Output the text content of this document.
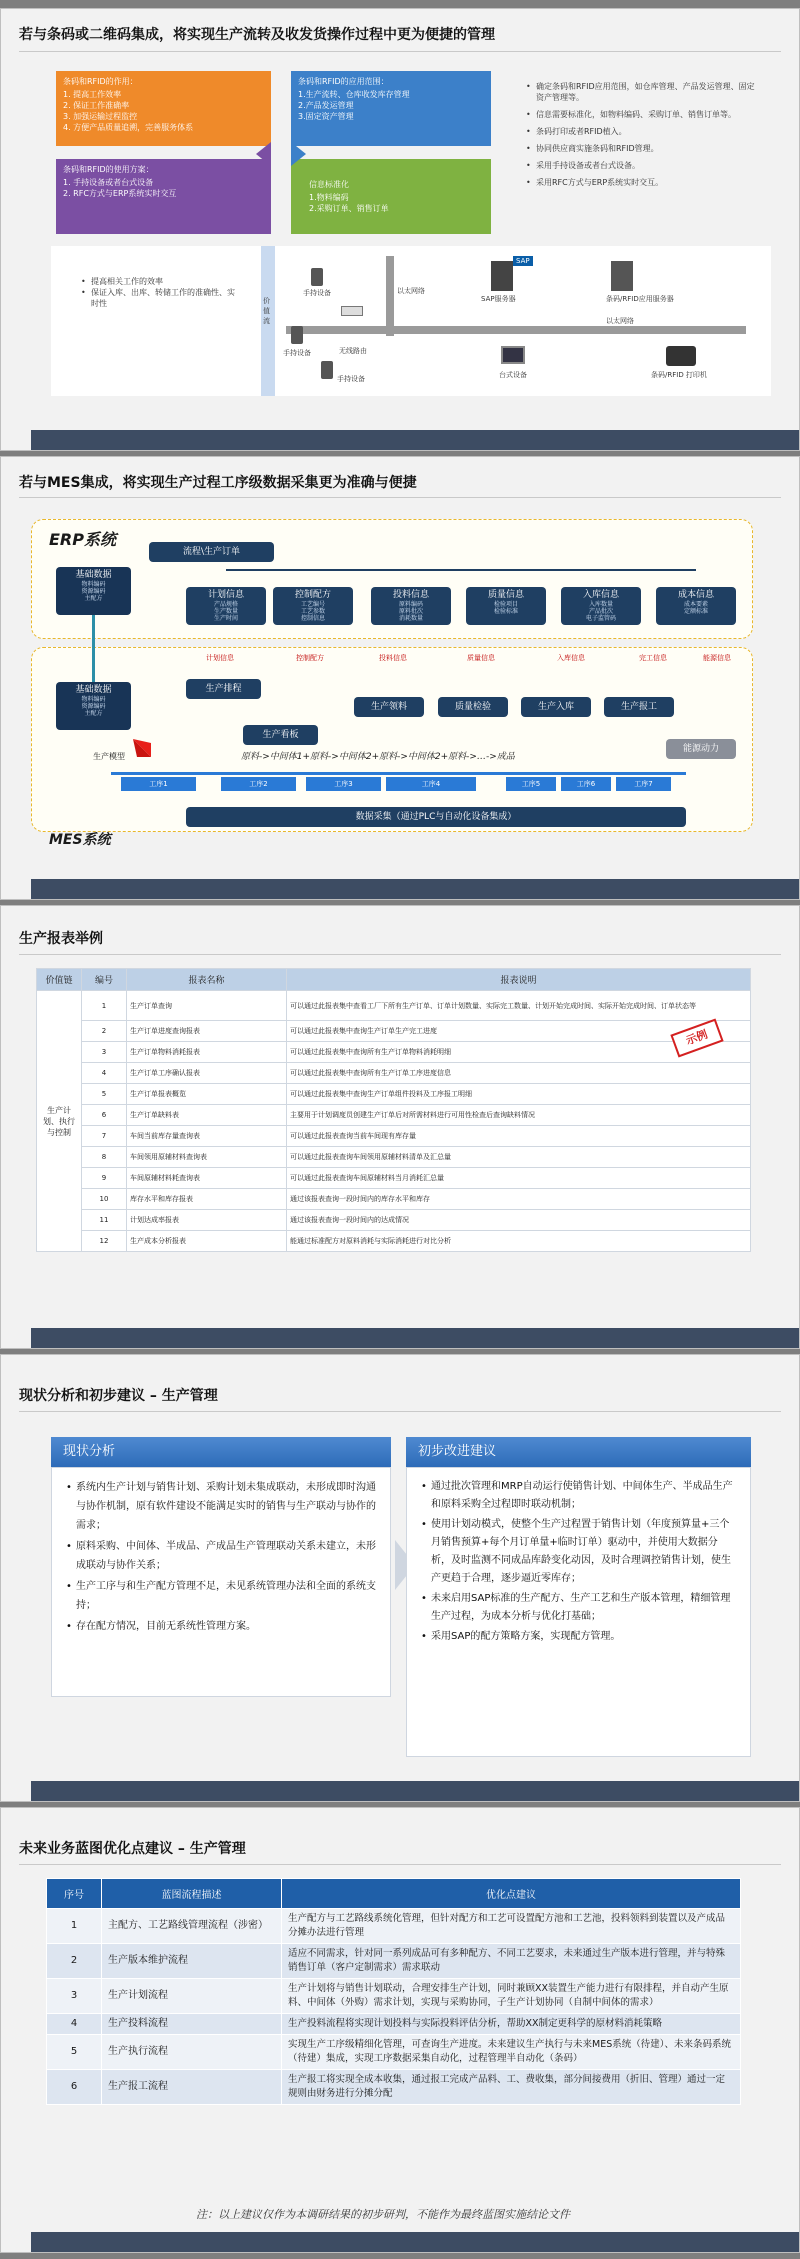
若与条码或二维码集成，将实现生产流转及收发货操作过程中更为便捷的管理
条码和RFID的作用：
1. 提高工作效率
2. 保证工作准确率
3. 加强运输过程监控
4. 方便产品质量追溯，完善服务体系
条码和RFID的应用范围：
1.生产流转、仓库收发库存管理
2.产品发运管理
3.固定资产管理
条码和RFID的使用方案：
1. 手持设备或者台式设备
2. RFC方式与ERP系统实时交互
信息标准化
1.物料编码
2.采购订单、销售订单
• 确定条码和RFID应用范围，如仓库管理、产品发运管理、固定资产管理等。
• 信息需要标准化，如物料编码、采购订单、销售订单等。
• 条码打印或者RFID植入。
• 协同供应商实施条码和RFID管理。
• 采用手持设备或者台式设备。
• 采用RFC方式与ERP系统实时交互。
• 提高相关工作的效率
• 保证入库、出库、转储工作的准确性、实时性	价值流
以太网络
以太网络
手持设备
无线路由
手持设备
手持设备
SAP
SAP服务器	条码/RFID应用服务器
台式设备	条码/RFID 打印机
若与MES集成，将实现生产过程工序级数据采集更为准确与便捷
ERP系统
MES系统
流程\生产订单
基础数据
物料编码
资源编码
主配方
基础数据
物料编码
资源编码
主配方
计划信息
产品规格
生产数量
生产时间
控制配方
工艺编号
工艺参数
控制信息
投料信息
原料编码
原料批次
消耗数量
质量信息
检验项目
检验标准
入库信息
入库数量
产品批次
电子监管码
成本信息
成本要素
定额标准
计划信息	控制配方	投料信息	质量信息	入库信息	完工信息	能源信息
生产排程
生产看板
生产领料	质量检验	生产入库	生产报工
能源动力
生产模型	原料->中间体1+原料->中间体2+原料->中间体2+原料->…->成品
工序1	工序2	工序3	工序4	工序5	工序6	工序7
数据采集（通过PLC与自动化设备集成）
生产报表举例
价值链	编号	报表名称	报表说明
生产计划、执行与控制	1	生产订单查询	可以通过此报表集中查看工厂下所有生产订单、订单计划数量、实际完工数量、计划开始完成时间、实际开始完成时间、订单状态等
	2	生产订单进度查询报表	可以通过此报表集中查询生产订单生产完工进度
	3	生产订单物料消耗报表	可以通过此报表集中查询所有生产订单物料消耗明细
	4	生产订单工序确认报表	可以通过此报表集中查询所有生产订单工序进度信息
	5	生产订单报表概览	可以通过此报表集中查询生产订单组件投料及工序报工明细
	6	生产订单缺料表	主要用于计划调度员创建生产订单后对所需材料进行可用性检查后查询缺料情况
	7	车间当前库存量查询表	可以通过此报表查询当前车间现有库存量
	8	车间领用原辅材料查询表	可以通过此报表查询车间领用原辅材料清单及汇总量
	9	车间原辅材料耗查询表	可以通过此报表查询车间原辅材料当月消耗汇总量
	10	库存水平和库存报表	通过该报表查询一段时间内的库存水平和库存
	11	计划达成率报表	通过该报表查询一段时间内的达成情况
	12	生产成本分析报表	能通过标准配方对原料消耗与实际消耗进行对比分析
示例
现状分析和初步建议 – 生产管理
现状分析
• 系统内生产计划与销售计划、采购计划未集成联动，未形成即时沟通与协作机制，原有软件建设不能满足实时的销售与生产联动与协作的需求；
• 原料采购、中间体、半成品、产成品生产管理联动关系未建立，未形成联动与协作关系；
• 生产工序与和生产配方管理不足，未见系统管理办法和全面的系统支持；
• 存在配方情况，目前无系统性管理方案。
初步改进建议
• 通过批次管理和MRP自动运行使销售计划、中间体生产、半成品生产和原料采购全过程即时联动机制；
• 使用计划动模式，使整个生产过程置于销售计划（年度预算量+三个月销售预算+每个月订单量+临时订单）驱动中，并使用大数据分析，及时监测不同成品库龄变化动因，及时合理调控销售计划，使生产更趋于合理，逐步逼近零库存；
• 未来启用SAP标准的生产配方、生产工艺和生产版本管理，精细管理生产过程，为成本分析与优化打基础；
• 采用SAP的配方策略方案，实现配方管理。
未来业务蓝图优化点建议 – 生产管理
序号	蓝图流程描述	优化点建议
1	主配方、工艺路线管理流程（涉密）	生产配方与工艺路线系统化管理，但针对配方和工艺可设置配方池和工艺池，投料领料到装置以及产成品分摊办法进行管理
2	生产版本维护流程	适应不同需求，针对同一系列成品可有多种配方、不同工艺要求，未来通过生产版本进行管理，并与特殊销售订单（客户定制需求）需求联动
3	生产计划流程	生产计划将与销售计划联动，合理安排生产计划，同时兼顾XX装置生产能力进行有限排程，并自动产生原料、中间体（外购）需求计划，实现与采购协同，子生产计划协同（自制中间体的需求）
4	生产投料流程	生产投料流程将实现计划投料与实际投料评估分析，帮助XX制定更科学的原材料消耗策略
5	生产执行流程	实现生产工序级精细化管理，可查询生产进度。未来建议生产执行与未来MES系统（待建）、未来条码系统（待建）集成，实现工序数据采集自动化，过程管理半自动化（条码）
6	生产报工流程	生产报工将实现全成本收集，通过报工完成产品料、工、费收集，部分间接费用（折旧、管理）通过一定规则由财务进行分摊分配
注：以上建议仅作为本调研结果的初步研判，不能作为最终蓝图实施结论文件
